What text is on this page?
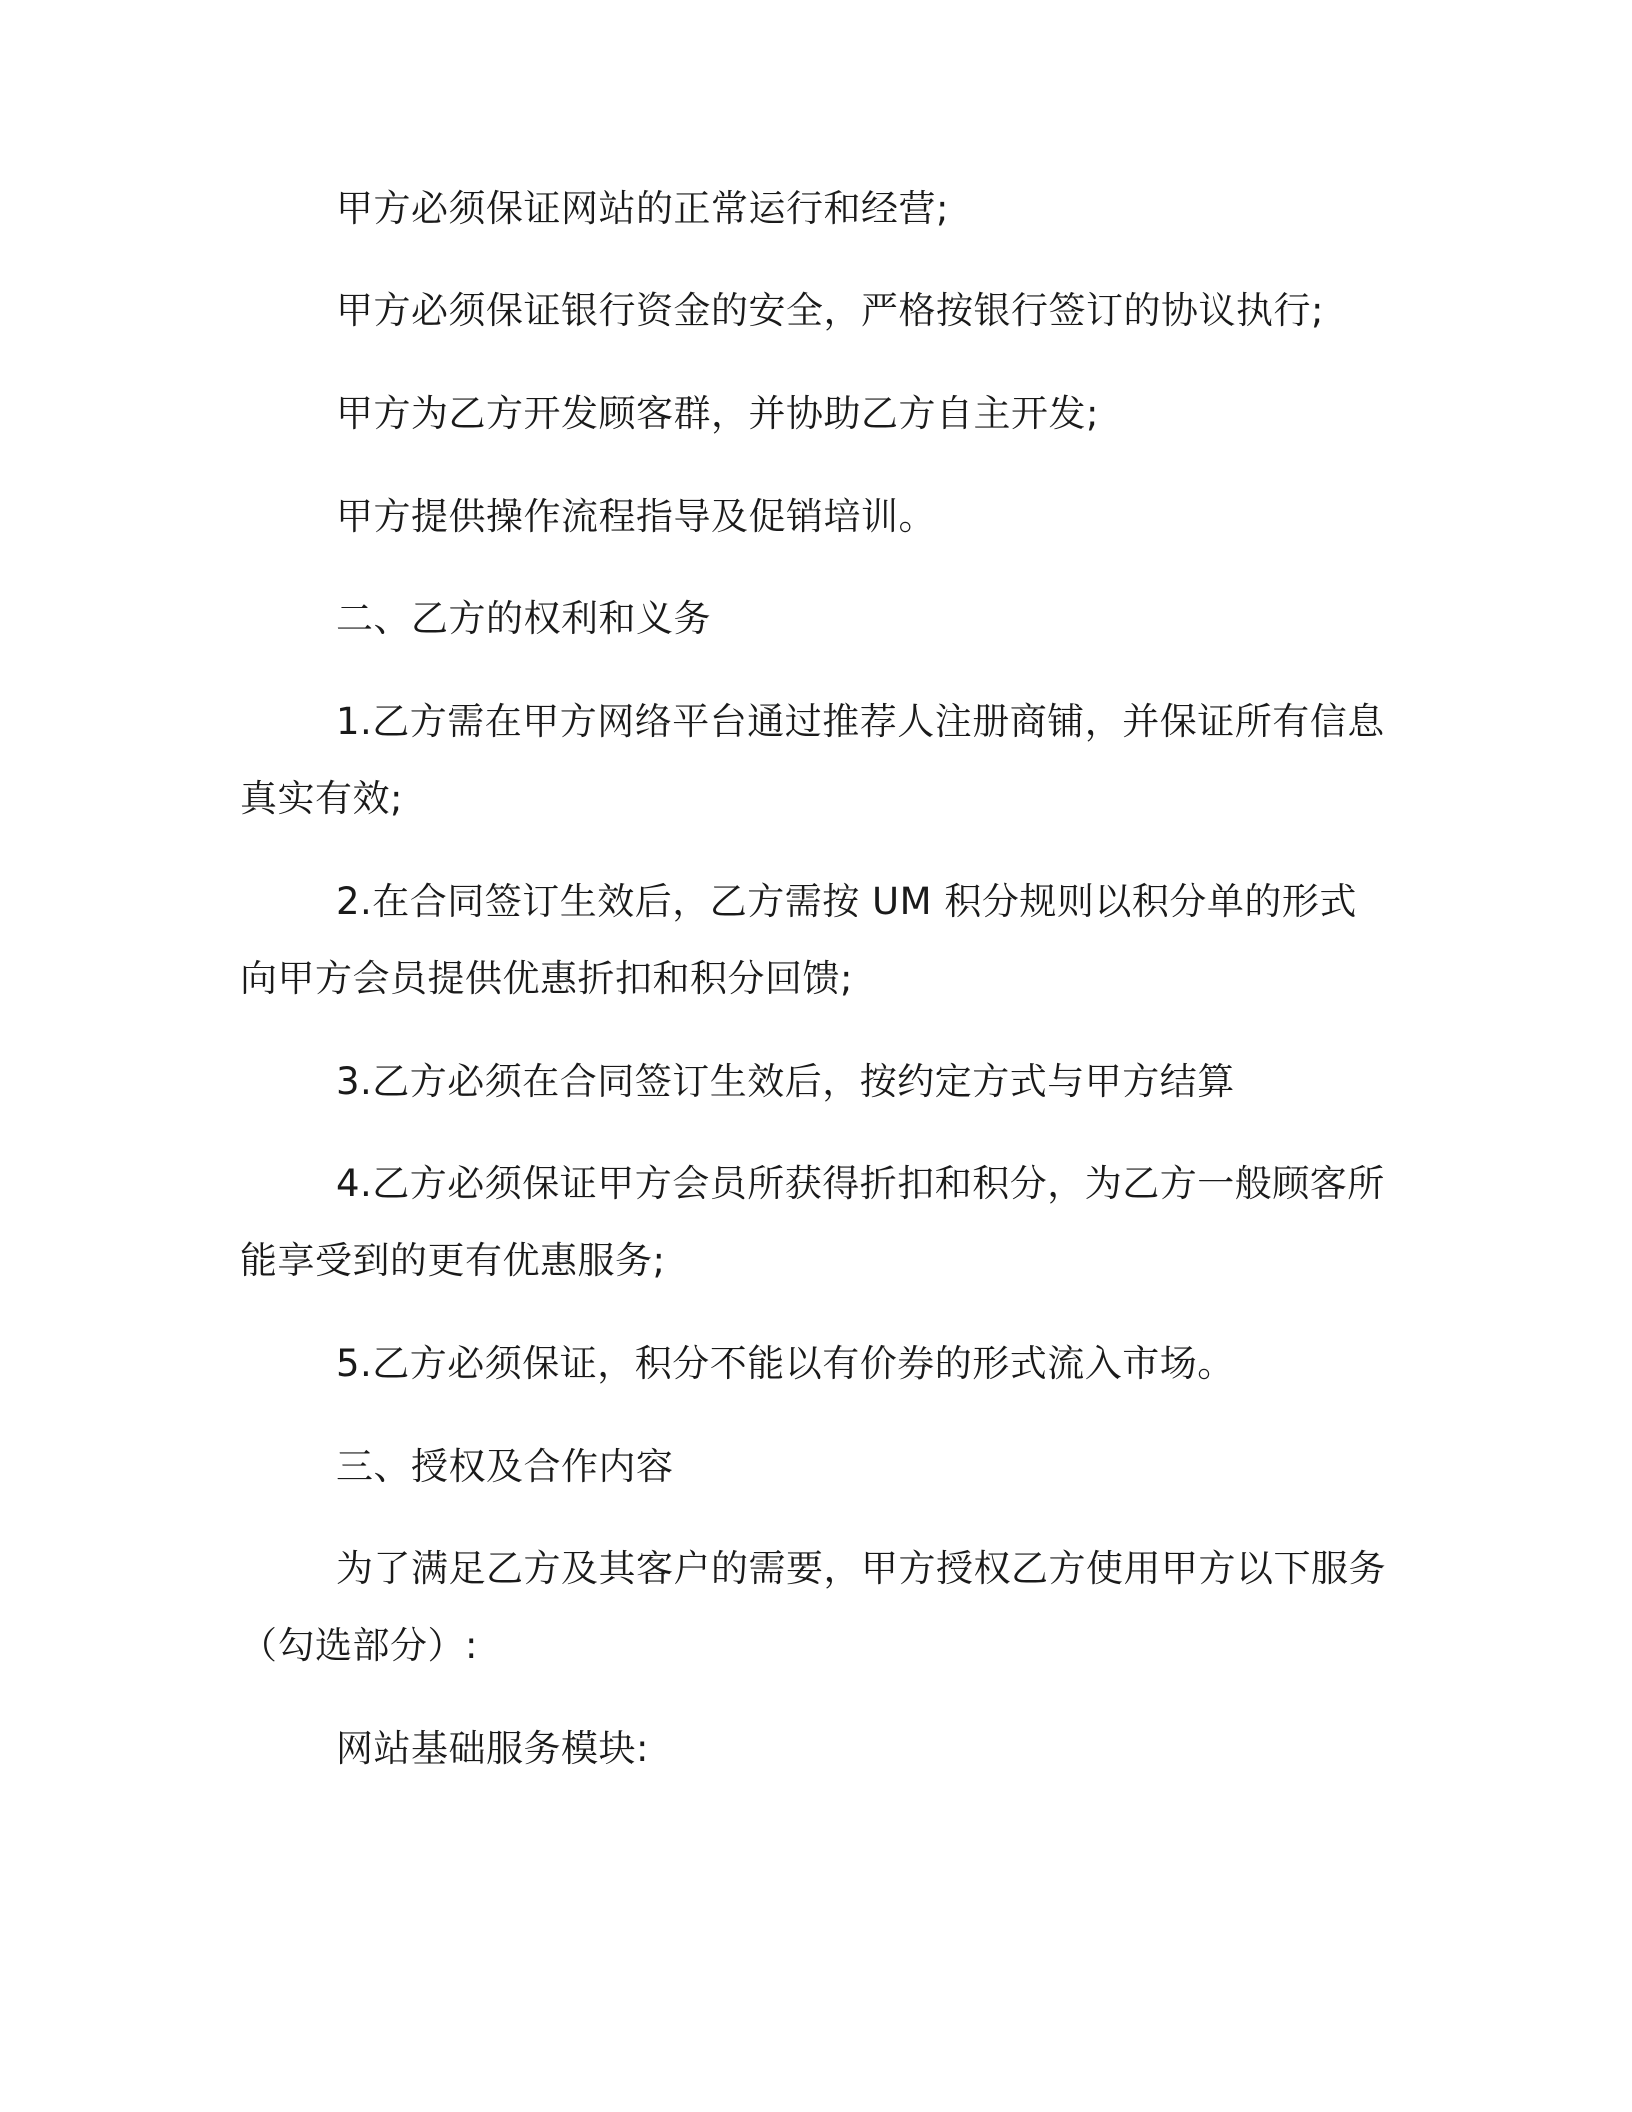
甲方必须保证网站的正常运行和经营;

甲方必须保证银行资金的安全，严格按银行签订的协议执行;

甲方为乙方开发顾客群，并协助乙方自主开发;

甲方提供操作流程指导及促销培训。

二、乙方的权利和义务

1.乙方需在甲方网络平台通过推荐人注册商铺，并保证所有信息真实有效;

2.在合同签订生效后，乙方需按 UM 积分规则以积分单的形式向甲方会员提供优惠折扣和积分回馈;

3.乙方必须在合同签订生效后，按约定方式与甲方结算

4.乙方必须保证甲方会员所获得折扣和积分，为乙方一般顾客所能享受到的更有优惠服务;

5.乙方必须保证，积分不能以有价券的形式流入市场。

三、授权及合作内容

为了满足乙方及其客户的需要，甲方授权乙方使用甲方以下服务（勾选部分）:

网站基础服务模块:
